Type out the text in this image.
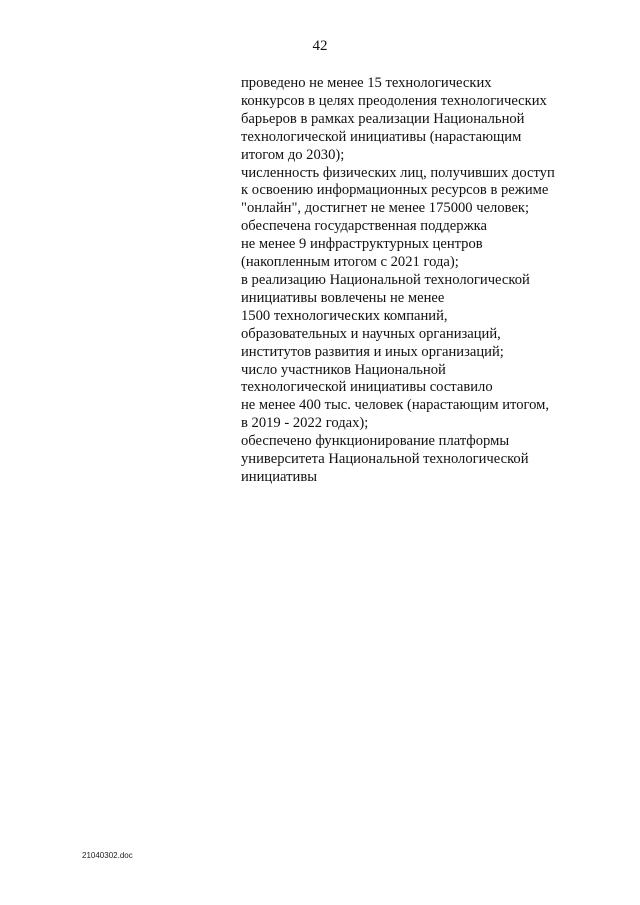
42
проведено не менее 15 технологических
конкурсов в целях преодоления технологических
барьеров в рамках реализации Национальной
технологической инициативы (нарастающим
итогом до 2030);
численность физических лиц, получивших доступ
к освоению информационных ресурсов в режиме
"онлайн", достигнет не менее 175000 человек;
обеспечена государственная поддержка
не менее 9 инфраструктурных центров
(накопленным итогом с 2021 года);
в реализацию Национальной технологической
инициативы вовлечены не менее
1500 технологических компаний,
образовательных и научных организаций,
институтов развития и иных организаций;
число участников Национальной
технологической инициативы составило
не менее 400 тыс. человек (нарастающим итогом,
в 2019 - 2022 годах);
обеспечено функционирование платформы
университета Национальной технологической
инициативы
21040302.doc
